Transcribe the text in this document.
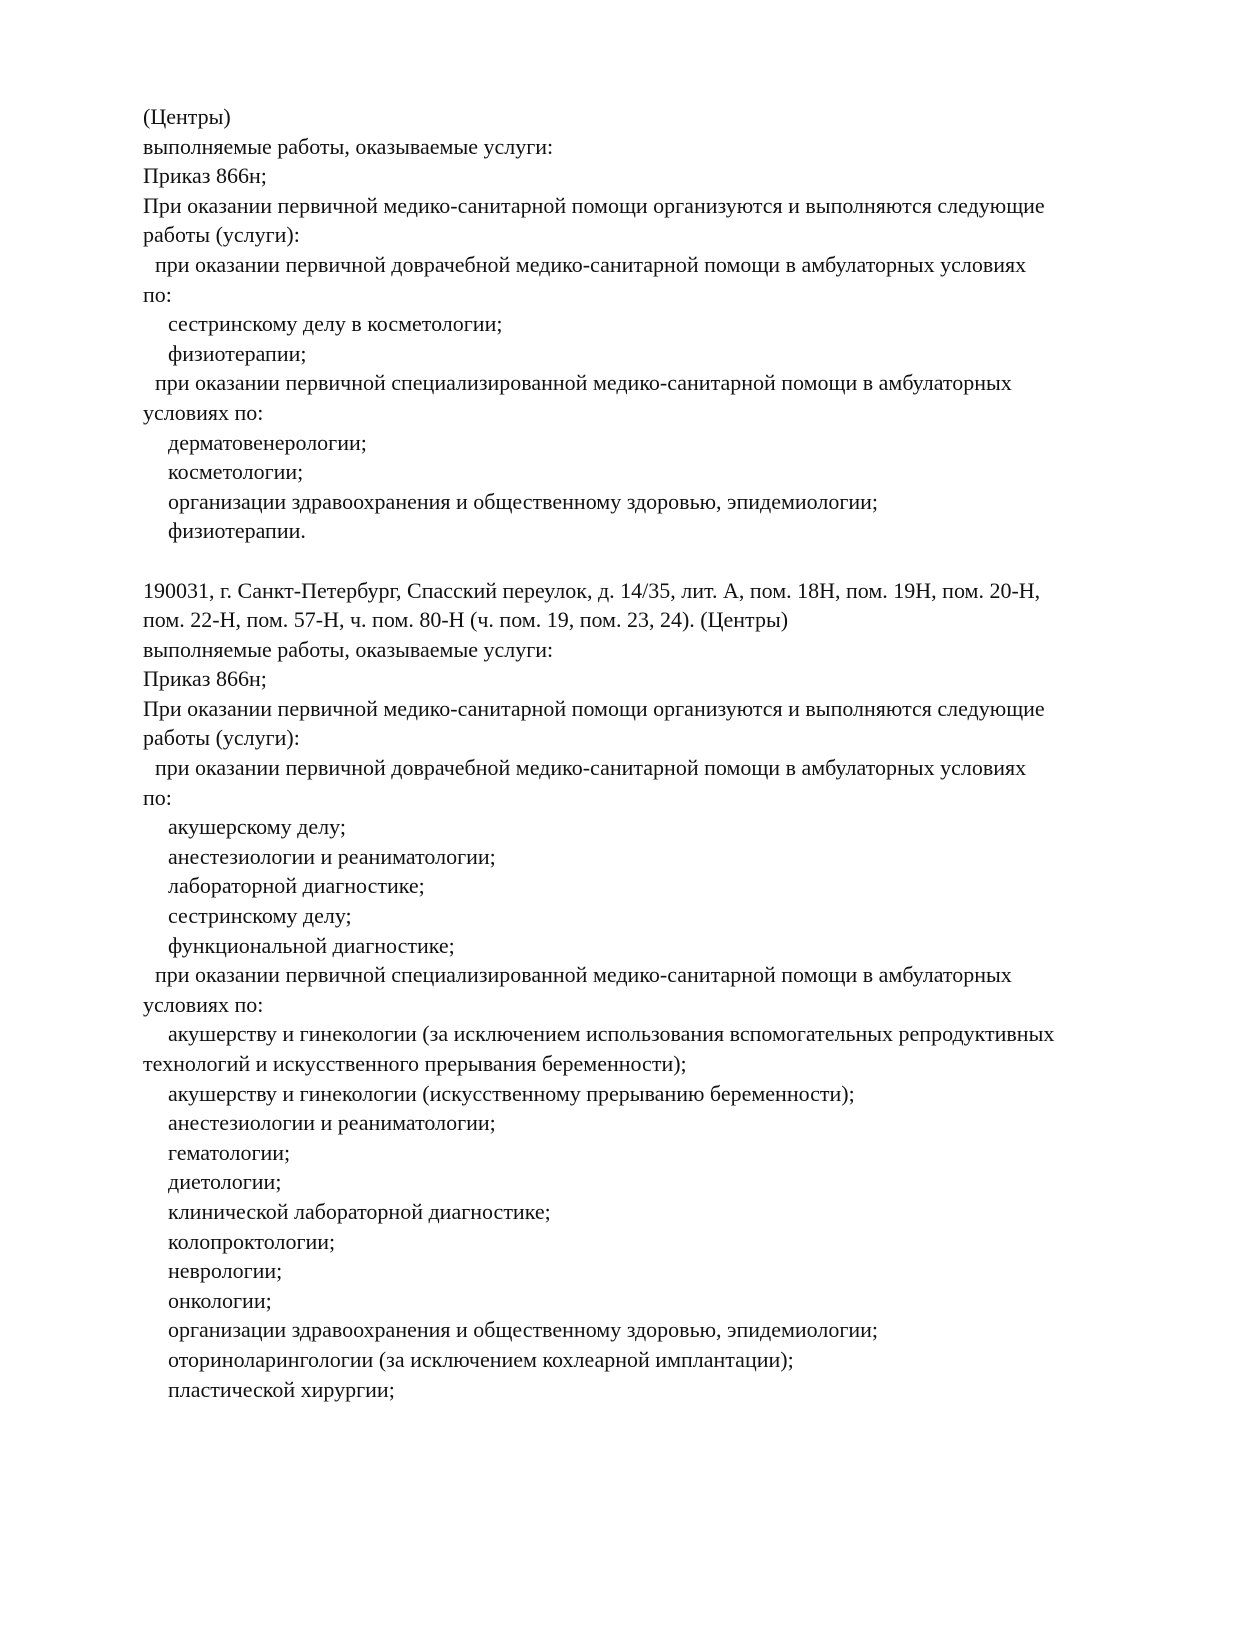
(Центры)

выполняемые работы, оказываемые услуги:

Приказ 866н;

При оказании первичной медико-санитарной помощи организуются и выполняются следующие

работы (услуги):

при оказании первичной доврачебной медико-санитарной помощи в амбулаторных условиях

по:

сестринскому делу в косметологии;

физиотерапии;

при оказании первичной специализированной медико-санитарной помощи в амбулаторных

условиях по:

дерматовенерологии;

косметологии;

организации здравоохранения и общественному здоровью, эпидемиологии;

физиотерапии.

190031, г. Санкт-Петербург, Спасский переулок, д. 14/35, лит. А, пом. 18Н, пом. 19Н, пом. 20-Н,

пом. 22-Н, пом. 57-Н, ч. пом. 80-Н (ч. пом. 19, пом. 23, 24). (Центры)

выполняемые работы, оказываемые услуги:

Приказ 866н;

При оказании первичной медико-санитарной помощи организуются и выполняются следующие

работы (услуги):

при оказании первичной доврачебной медико-санитарной помощи в амбулаторных условиях

по:

акушерскому делу;

анестезиологии и реаниматологии;

лабораторной диагностике;

сестринскому делу;

функциональной диагностике;

при оказании первичной специализированной медико-санитарной помощи в амбулаторных

условиях по:

акушерству и гинекологии (за исключением использования вспомогательных репродуктивных

технологий и искусственного прерывания беременности);

акушерству и гинекологии (искусственному прерыванию беременности);

анестезиологии и реаниматологии;

гематологии;

диетологии;

клинической лабораторной диагностике;

колопроктологии;

неврологии;

онкологии;

организации здравоохранения и общественному здоровью, эпидемиологии;

оториноларингологии (за исключением кохлеарной имплантации);

пластической хирургии;
